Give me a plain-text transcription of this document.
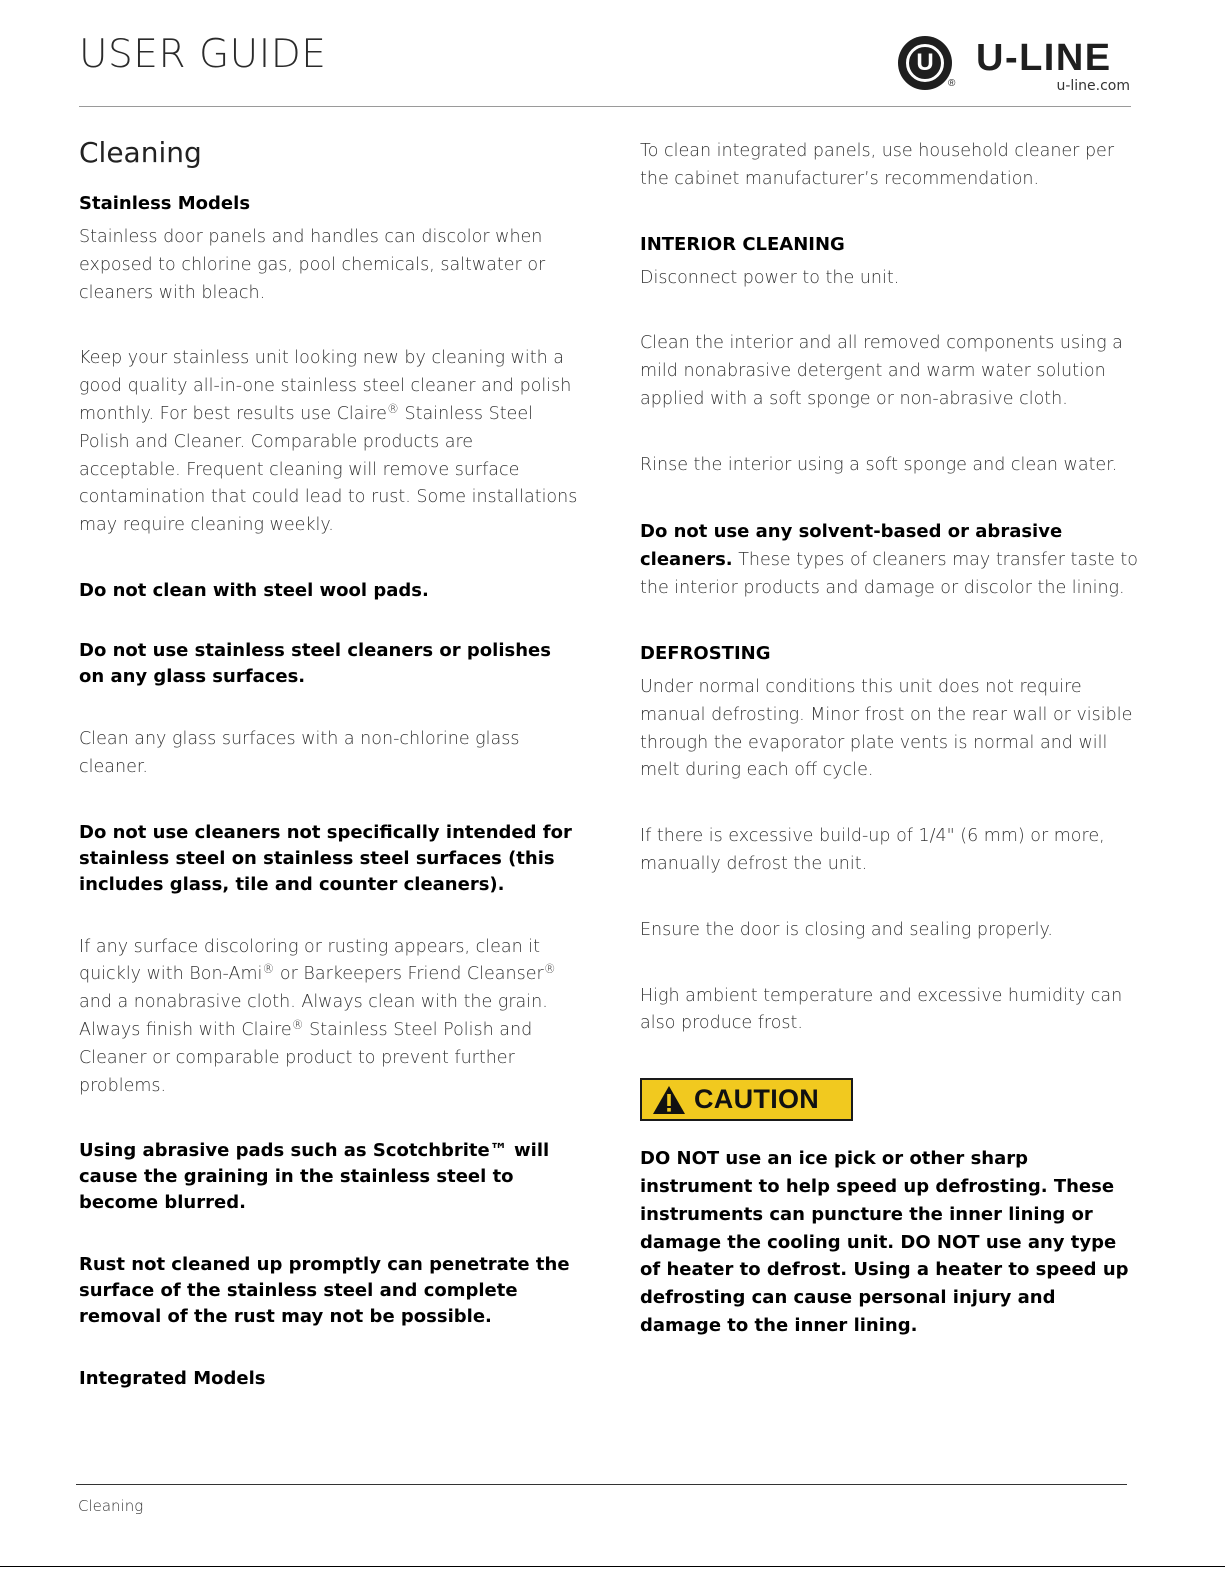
USER GUIDE	U
®
U-LINE
u-line.com
Cleaning
Stainless Models
Stainless door panels and handles can discolor when exposed to chlorine gas, pool chemicals, saltwater or cleaners with bleach.
Keep your stainless unit looking new by cleaning with a good quality all-in-one stainless steel cleaner and polish monthly. For best results use Claire® Stainless Steel Polish and Cleaner. Comparable products are acceptable. Frequent cleaning will remove surface contamination that could lead to rust. Some installations may require cleaning weekly.
Do not clean with steel wool pads.
Do not use stainless steel cleaners or polishes on any glass surfaces.
Clean any glass surfaces with a non-chlorine glass cleaner.
Do not use cleaners not specifically intended for stainless steel on stainless steel surfaces (this includes glass, tile and counter cleaners).
If any surface discoloring or rusting appears, clean it quickly with Bon-Ami® or Barkeepers Friend Cleanser® and a nonabrasive cloth. Always clean with the grain. Always finish with Claire® Stainless Steel Polish and Cleaner or comparable product to prevent further problems.
Using abrasive pads such as Scotchbrite™ will cause the graining in the stainless steel to become blurred.
Rust not cleaned up promptly can penetrate the surface of the stainless steel and complete removal of the rust may not be possible.
Integrated Models
To clean integrated panels, use household cleaner per the cabinet manufacturer’s recommendation.
INTERIOR CLEANING
Disconnect power to the unit.
Clean the interior and all removed components using a mild nonabrasive detergent and warm water solution applied with a soft sponge or non-abrasive cloth.
Rinse the interior using a soft sponge and clean water.
Do not use any solvent-based or abrasive cleaners. These types of cleaners may transfer taste to the interior products and damage or discolor the lining.
DEFROSTING
Under normal conditions this unit does not require manual defrosting. Minor frost on the rear wall or visible through the evaporator plate vents is normal and will melt during each off cycle.
If there is excessive build-up of 1/4" (6 mm) or more, manually defrost the unit.
Ensure the door is closing and sealing properly.
High ambient temperature and excessive humidity can also produce frost.
CAUTION
DO NOT use an ice pick or other sharp instrument to help speed up defrosting. These instruments can puncture the inner lining or damage the cooling unit. DO NOT use any type of heater to defrost. Using a heater to speed up defrosting can cause personal injury and damage to the inner lining.
Cleaning
